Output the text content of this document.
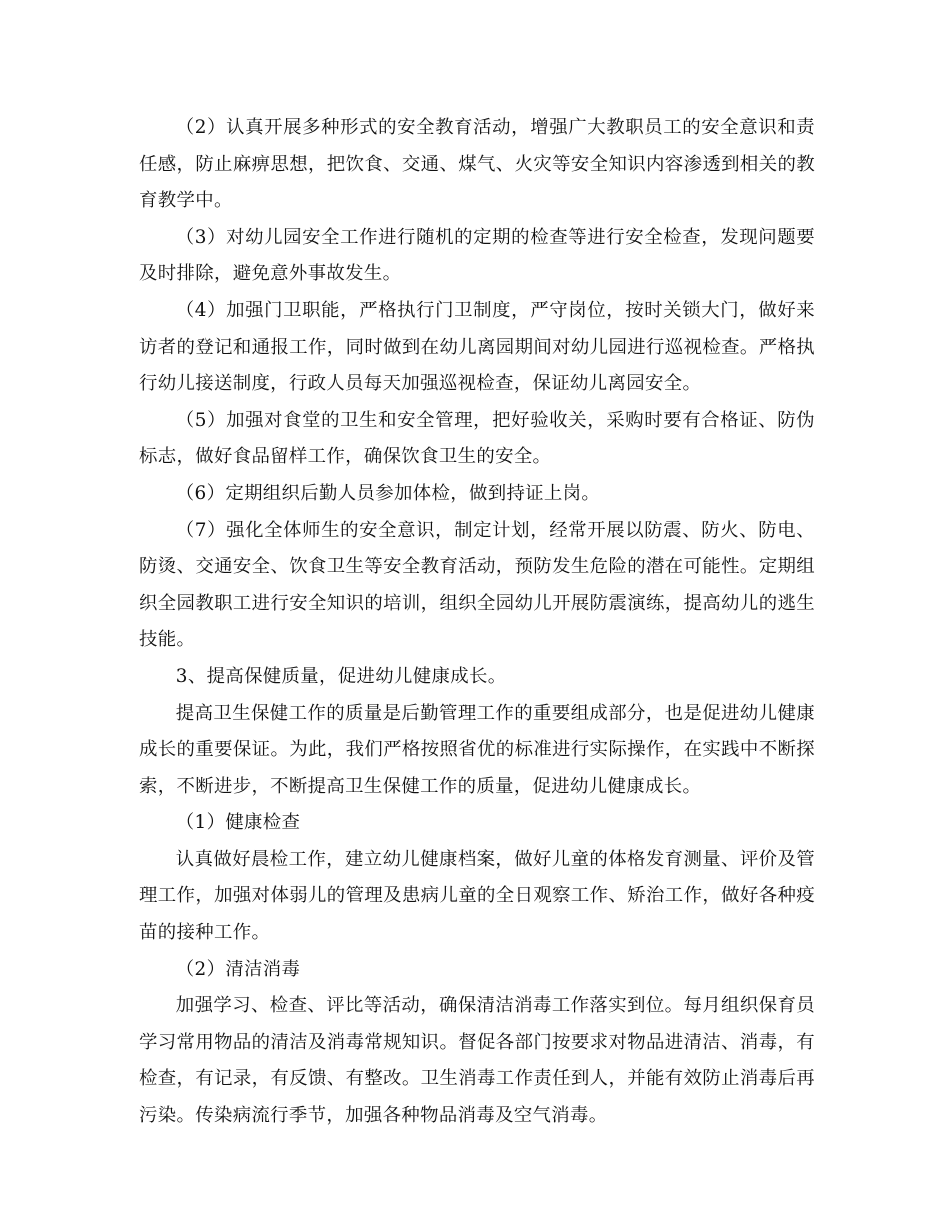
（2）认真开展多种形式的安全教育活动，增强广大教职员工的安全意识和责任感，防止麻痹思想，把饮食、交通、煤气、火灾等安全知识内容渗透到相关的教育教学中。

（3）对幼儿园安全工作进行随机的定期的检查等进行安全检查，发现问题要及时排除，避免意外事故发生。

（4）加强门卫职能，严格执行门卫制度，严守岗位，按时关锁大门，做好来访者的登记和通报工作，同时做到在幼儿离园期间对幼儿园进行巡视检查。严格执行幼儿接送制度，行政人员每天加强巡视检查，保证幼儿离园安全。

（5）加强对食堂的卫生和安全管理，把好验收关，采购时要有合格证、防伪标志，做好食品留样工作，确保饮食卫生的安全。

（6）定期组织后勤人员参加体检，做到持证上岗。

（7）强化全体师生的安全意识，制定计划，经常开展以防震、防火、防电、防烫、交通安全、饮食卫生等安全教育活动，预防发生危险的潜在可能性。定期组织全园教职工进行安全知识的培训，组织全园幼儿开展防震演练，提高幼儿的逃生技能。

3、提高保健质量，促进幼儿健康成长。

提高卫生保健工作的质量是后勤管理工作的重要组成部分，也是促进幼儿健康成长的重要保证。为此，我们严格按照省优的标准进行实际操作，在实践中不断探索，不断进步，不断提高卫生保健工作的质量，促进幼儿健康成长。

（1）健康检查

认真做好晨检工作，建立幼儿健康档案，做好儿童的体格发育测量、评价及管理工作，加强对体弱儿的管理及患病儿童的全日观察工作、矫治工作，做好各种疫苗的接种工作。

（2）清洁消毒

加强学习、检查、评比等活动，确保清洁消毒工作落实到位。每月组织保育员学习常用物品的清洁及消毒常规知识。督促各部门按要求对物品进清洁、消毒，有检查，有记录，有反馈、有整改。卫生消毒工作责任到人，并能有效防止消毒后再污染。传染病流行季节，加强各种物品消毒及空气消毒。
